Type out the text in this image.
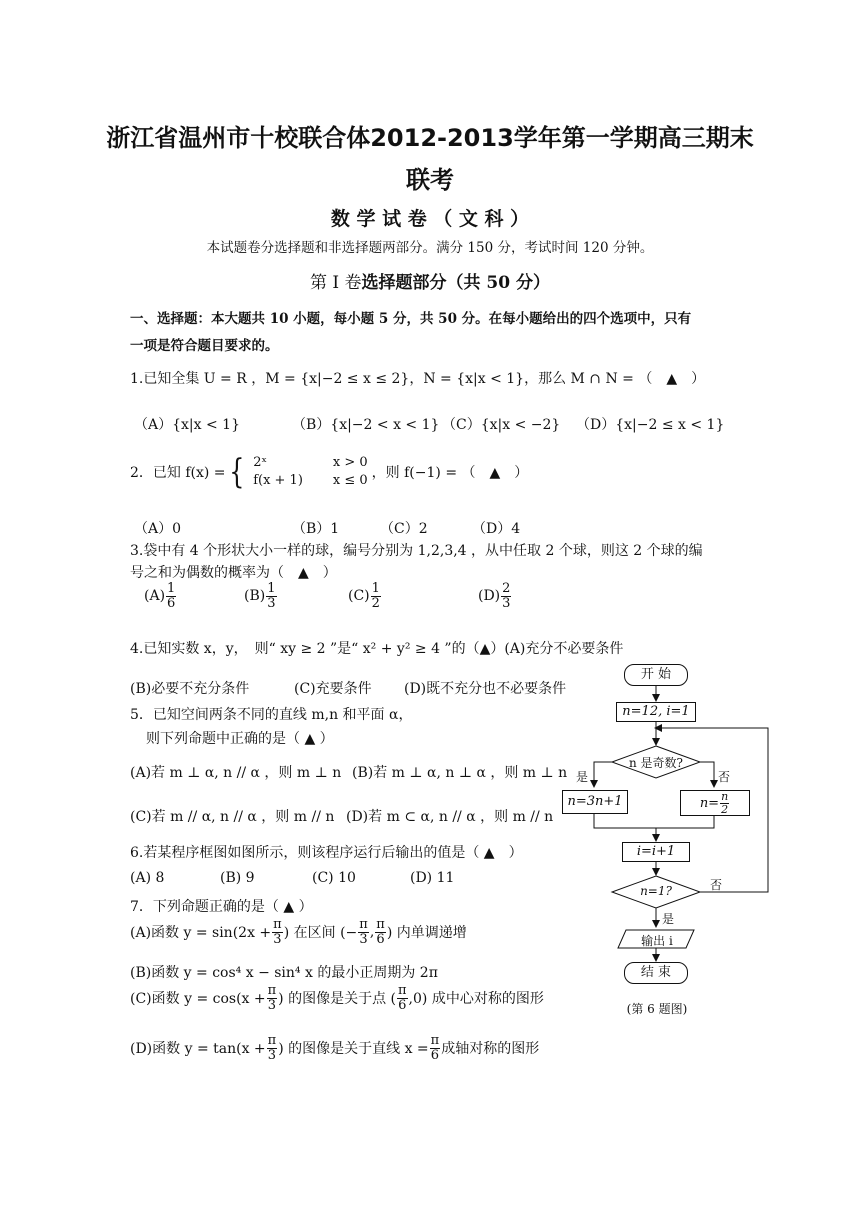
浙江省温州市十校联合体2012-2013学年第一学期高三期末
联考
数 学 试 卷 （ 文 科 ）
本试题卷分选择题和非选择题两部分。满分 150 分，考试时间 120 分钟。
第 I 卷选择题部分（共 50 分）
一、选择题：本大题共 10 小题，每小题 5 分，共 50 分。在每小题给出的四个选项中，只有
一项是符合题目要求的。
1.已知全集 U = R ，M = {x|−2 ≤ x ≤ 2}，N = {x|x < 1}，那么 M ∩ N = （　▲　）
（A）{x|x < 1}	（B）{x|−2 < x < 1} （C）{x|x < −2} （D）{x|−2 ≤ x < 1}
2．已知 f(x) = { 2ˣ	x > 0
f(x + 1)	x ≤ 0 ，则 f(−1) = （　▲　）
（A）0	（B）1	（C）2	（D）4
3.袋中有 4 个形状大小一样的球，编号分别为 1,2,3,4 ，从中任取 2 个球，则这 2 个球的编
号之和为偶数的概率为（　▲　）
$(A) \frac{1}{6}$	$(B) \frac{1}{3}$	$(C) \frac{1}{2}$	$(D) \frac{2}{3}$
4.已知实数 x，y，　则“ xy ≥ 2 ”是“ x² + y² ≥ 4 ”的（▲）(A)充分不必要条件
(B)必要不充分条件	(C)充要条件 (D)既不充分也不必要条件
5．已知空间两条不同的直线 m,n 和平面 α，
则下列命题中正确的是（ ▲ ）
(A)若 m ⊥ α, n // α ，则 m ⊥ n (B)若 m ⊥ α, n ⊥ α ，则 m ⊥ n
(C)若 m // α, n // α ，则 m // n (D)若 m ⊂ α, n // α ，则 m // n
6.若某程序框图如图所示，则该程序运行后输出的值是（ ▲　）
(A) 8	(B) 9	(C) 10	(D) 11
7．下列命题正确的是（ ▲ ）
(A)函数 $y = \sin(2x + \frac{\pi}{3}$ ) 在区间 (− $\frac{\pi}{3}$ , $\frac{\pi}{6}$ ) 内单调递增
(B)函数 y = cos⁴ x − sin⁴ x 的最小正周期为 2π
(C)函数 $y = \cos(x + \frac{\pi}{3}$ ) 的图像是关于点 ( $\frac{\pi}{6} ,0$) 成中心对称的图形
(D)函数 $y = \tan(x + \frac{\pi}{3}$ ) 的图像是关于直线 $x = \frac{\pi}{6}$ 成轴对称的图形
开 始
n=12, i=1
n 是奇数?
是	否
n=3n+1	$n= \frac{n}{2}$
i=i+1
n=1?	否
是
输出 i
结 束
(第 6 题图)
